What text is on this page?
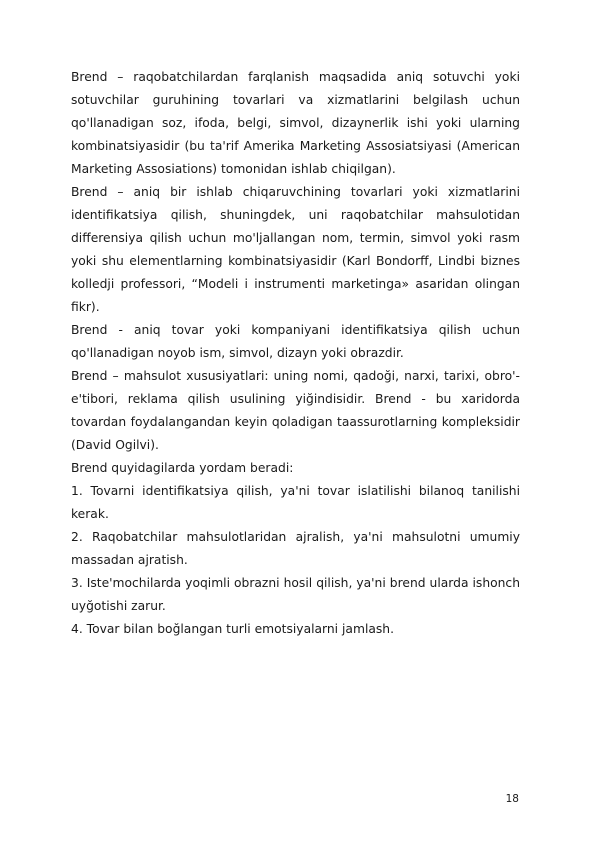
Brend – raqobatchilardan farqlanish maqsadida aniq sotuvchi yoki sotuvchilar guruhining tovarlari va xizmatlarini belgilash uchun qo'llanadigan soz, ifoda, belgi, simvol, dizaynerlik ishi yoki ularning kombinatsiyasidir (bu ta'rif Amerika Marketing Assosiatsiyasi (American Marketing Assosiations) tomonidan ishlab chiqilgan).

Brend – aniq bir ishlab chiqaruvchining tovarlari yoki xizmatlarini identifikatsiya qilish, shuningdek, uni raqobatchilar mahsulotidan differensiya qilish uchun mo'ljallangan nom, termin, simvol yoki rasm yoki shu elementlarning kombinatsiyasidir (Karl Bondorff, Lindbi biznes kolledji professori, “Modeli i instrumenti marketinga» asaridan olingan fikr).

Brend - aniq tovar yoki kompaniyani identifikatsiya qilish uchun qo'llanadigan noyob ism, simvol, dizayn yoki obrazdir.

Brend – mahsulot xususiyatlari: uning nomi, qadoği, narxi, tarixi, obro'-e'tibori, reklama qilish usulining yiğindisidir. Brend - bu xaridorda tovardan foydalangandan keyin qoladigan taassurotlarning kompleksidir (David Ogilvi).

Brend quyidagilarda yordam beradi:

1. Tovarni identifikatsiya qilish, ya'ni tovar islatilishi bilanoq tanilishi kerak.

2. Raqobatchilar mahsulotlaridan ajralish, ya'ni mahsulotni umumiy massadan ajratish.

3. Iste'mochilarda yoqimli obrazni hosil qilish, ya'ni brend ularda ishonch uyğotishi zarur.

4. Tovar bilan boğlangan turli emotsiyalarni jamlash.

18
